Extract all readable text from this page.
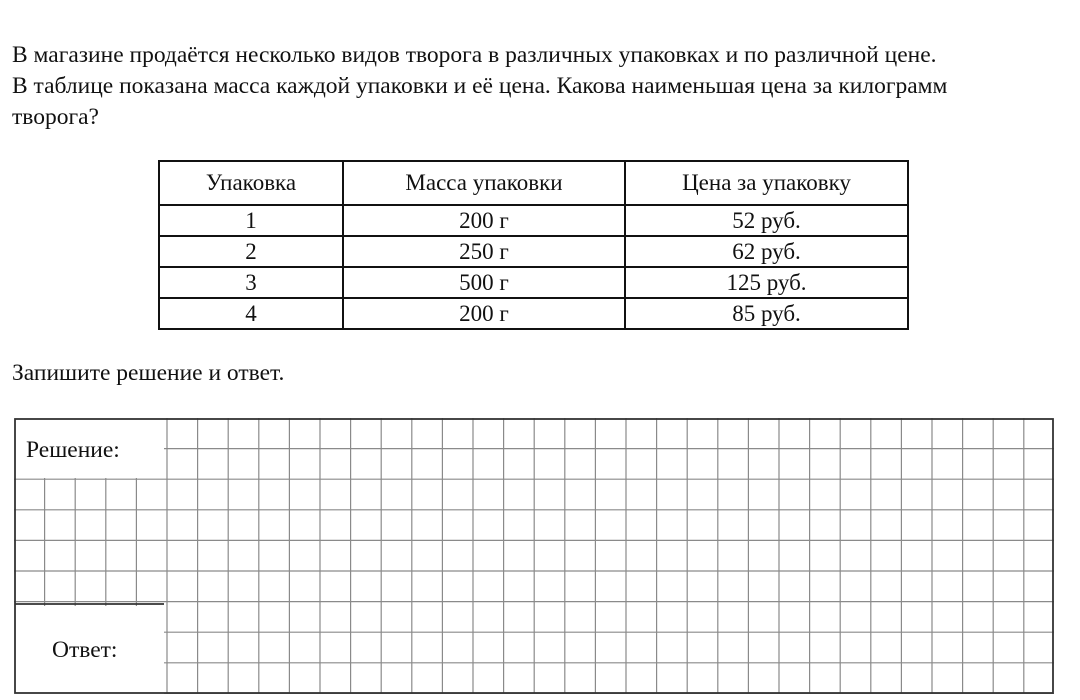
В магазине продаётся несколько видов творога в различных упаковках и по различной цене.
В таблице показана масса каждой упаковки и её цена. Какова наименьшая цена за килограмм
творога?
Упаковка	Масса упаковки	Цена за упаковку
1	200 г	52 руб.
2	250 г	62 руб.
3	500 г	125 руб.
4	200 г	85 руб.

Запишите решение и ответ.

Решение:
Ответ:
